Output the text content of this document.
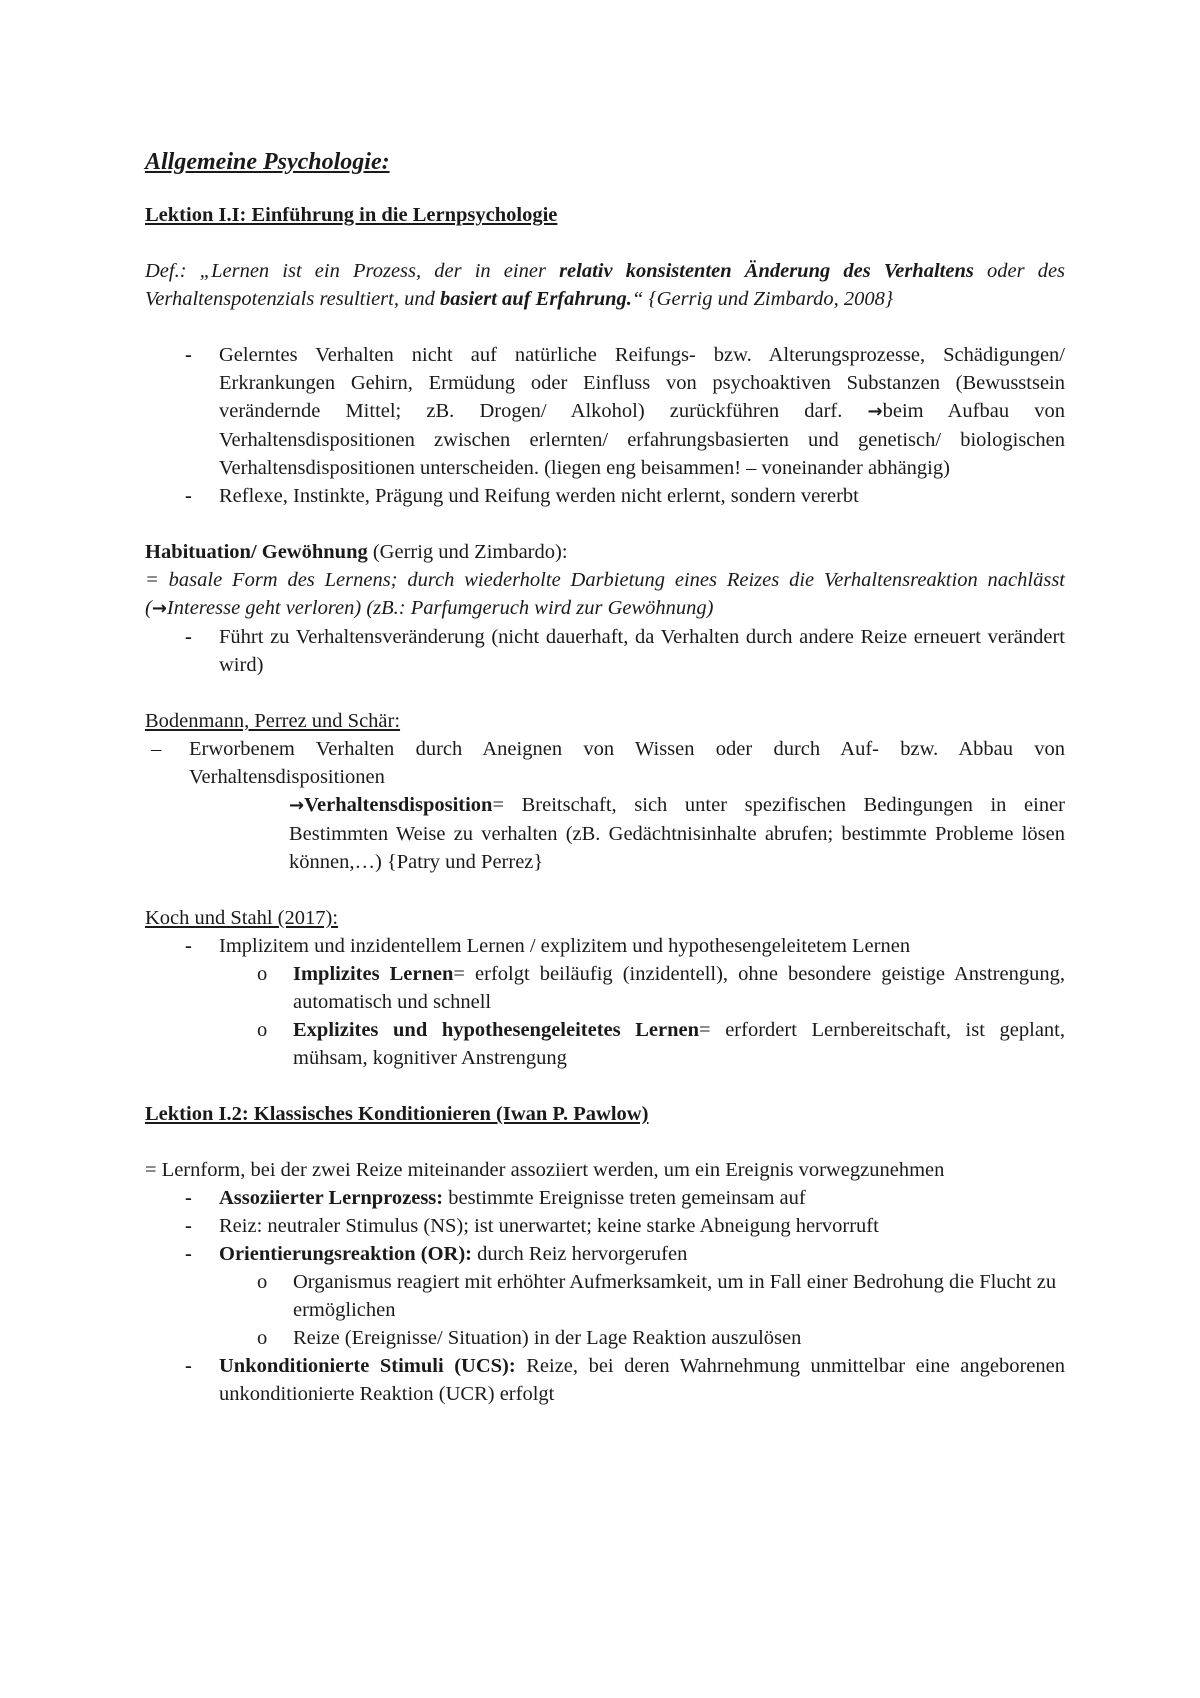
Allgemeine Psychologie:

Lektion I.I: Einführung in die Lernpsychologie

Def.: „Lernen ist ein Prozess, der in einer relativ konsistenten Änderung des Verhaltens oder des Verhaltenspotenzials resultiert, und basiert auf Erfahrung.“ {Gerrig und Zimbardo, 2008}

- Gelerntes Verhalten nicht auf natürliche Reifungs- bzw. Alterungsprozesse, Schädigungen/ Erkrankungen Gehirn, Ermüdung oder Einfluss von psychoaktiven Substanzen (Bewusstsein verändernde Mittel; zB. Drogen/ Alkohol) zurückführen darf. →beim Aufbau von Verhaltensdispositionen zwischen erlernten/ erfahrungsbasierten und genetisch/ biologischen Verhaltensdispositionen unterscheiden. (liegen eng beisammen! – voneinander abhängig)
- Reflexe, Instinkte, Prägung und Reifung werden nicht erlernt, sondern vererbt

Habituation/ Gewöhnung (Gerrig und Zimbardo):

= basale Form des Lernens; durch wiederholte Darbietung eines Reizes die Verhaltensreaktion nachlässt (→Interesse geht verloren) (zB.: Parfumgeruch wird zur Gewöhnung)

- Führt zu Verhaltensveränderung (nicht dauerhaft, da Verhalten durch andere Reize erneuert verändert wird)

Bodenmann, Perrez und Schär:

– Erworbenem Verhalten durch Aneignen von Wissen oder durch Auf- bzw. Abbau von Verhaltensdispositionen

→Verhaltensdisposition= Breitschaft, sich unter spezifischen Bedingungen in einer Bestimmten Weise zu verhalten (zB. Gedächtnisinhalte abrufen; bestimmte Probleme lösen können,…) {Patry und Perrez}

Koch und Stahl (2017):

- Implizitem und inzidentellem Lernen / explizitem und hypothesengeleitetem Lernen
o Implizites Lernen= erfolgt beiläufig (inzidentell), ohne besondere geistige Anstrengung, automatisch und schnell
o Explizites und hypothesengeleitetes Lernen= erfordert Lernbereitschaft, ist geplant, mühsam, kognitiver Anstrengung

Lektion I.2: Klassisches Konditionieren (Iwan P. Pawlow)

= Lernform, bei der zwei Reize miteinander assoziiert werden, um ein Ereignis vorwegzunehmen

- Assoziierter Lernprozess: bestimmte Ereignisse treten gemeinsam auf
- Reiz: neutraler Stimulus (NS); ist unerwartet; keine starke Abneigung hervorruft
- Orientierungsreaktion (OR): durch Reiz hervorgerufen
o Organismus reagiert mit erhöhter Aufmerksamkeit, um in Fall einer Bedrohung die Flucht zu ermöglichen
o Reize (Ereignisse/ Situation) in der Lage Reaktion auszulösen
- Unkonditionierte Stimuli (UCS): Reize, bei deren Wahrnehmung unmittelbar eine angeborenen unkonditionierte Reaktion (UCR) erfolgt
